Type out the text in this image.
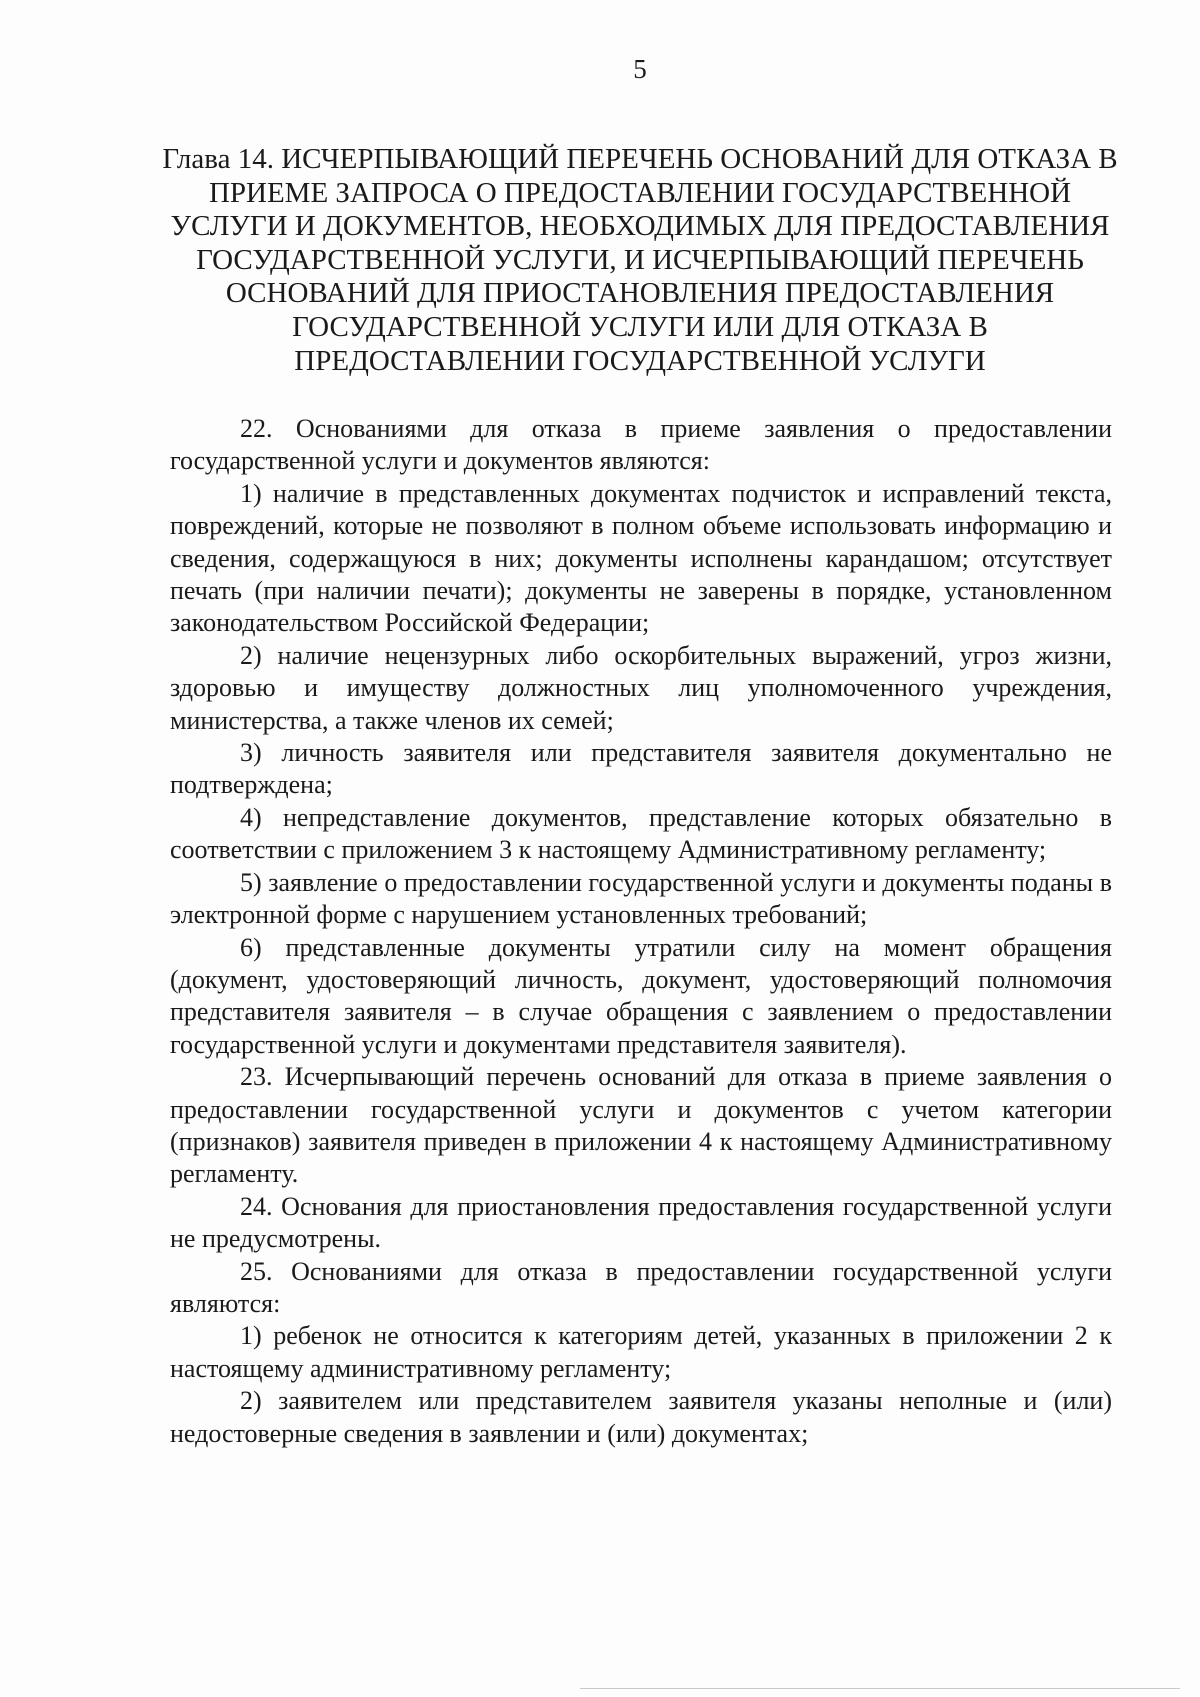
5
Глава 14. ИСЧЕРПЫВАЮЩИЙ ПЕРЕЧЕНЬ ОСНОВАНИЙ ДЛЯ ОТКАЗА В
ПРИЕМЕ ЗАПРОСА О ПРЕДОСТАВЛЕНИИ ГОСУДАРСТВЕННОЙ
УСЛУГИ И ДОКУМЕНТОВ, НЕОБХОДИМЫХ ДЛЯ ПРЕДОСТАВЛЕНИЯ
ГОСУДАРСТВЕННОЙ УСЛУГИ, И ИСЧЕРПЫВАЮЩИЙ ПЕРЕЧЕНЬ
ОСНОВАНИЙ ДЛЯ ПРИОСТАНОВЛЕНИЯ ПРЕДОСТАВЛЕНИЯ
ГОСУДАРСТВЕННОЙ УСЛУГИ ИЛИ ДЛЯ ОТКАЗА В
ПРЕДОСТАВЛЕНИИ ГОСУДАРСТВЕННОЙ УСЛУГИ

22. Основаниями для отказа в приеме заявления о предоставлении государственной услуги и документов являются:

1) наличие в представленных документах подчисток и исправлений текста, повреждений, которые не позволяют в полном объеме использовать информацию и сведения, содержащуюся в них; документы исполнены карандашом; отсутствует печать (при наличии печати); документы не заверены в порядке, установленном законодательством Российской Федерации;

2) наличие нецензурных либо оскорбительных выражений, угроз жизни, здоровью и имуществу должностных лиц уполномоченного учреждения, министерства, а также членов их семей;

3) личность заявителя или представителя заявителя документально не подтверждена;

4) непредставление документов, представление которых обязательно в соответствии с приложением 3 к настоящему Административному регламенту;

5) заявление о предоставлении государственной услуги и документы поданы в электронной форме с нарушением установленных требований;

6) представленные документы утратили силу на момент обращения (документ, удостоверяющий личность, документ, удостоверяющий полномочия представителя заявителя – в случае обращения с заявлением о предоставлении государственной услуги и документами представителя заявителя).

23. Исчерпывающий перечень оснований для отказа в приеме заявления о предоставлении государственной услуги и документов с учетом категории (признаков) заявителя приведен в приложении 4 к настоящему Административному регламенту.

24. Основания для приостановления предоставления государственной услуги не предусмотрены.

25. Основаниями для отказа в предоставлении государственной услуги являются:

1) ребенок не относится к категориям детей, указанных в приложении 2 к настоящему административному регламенту;

2) заявителем или представителем заявителя указаны неполные и (или) недостоверные сведения в заявлении и (или) документах;
